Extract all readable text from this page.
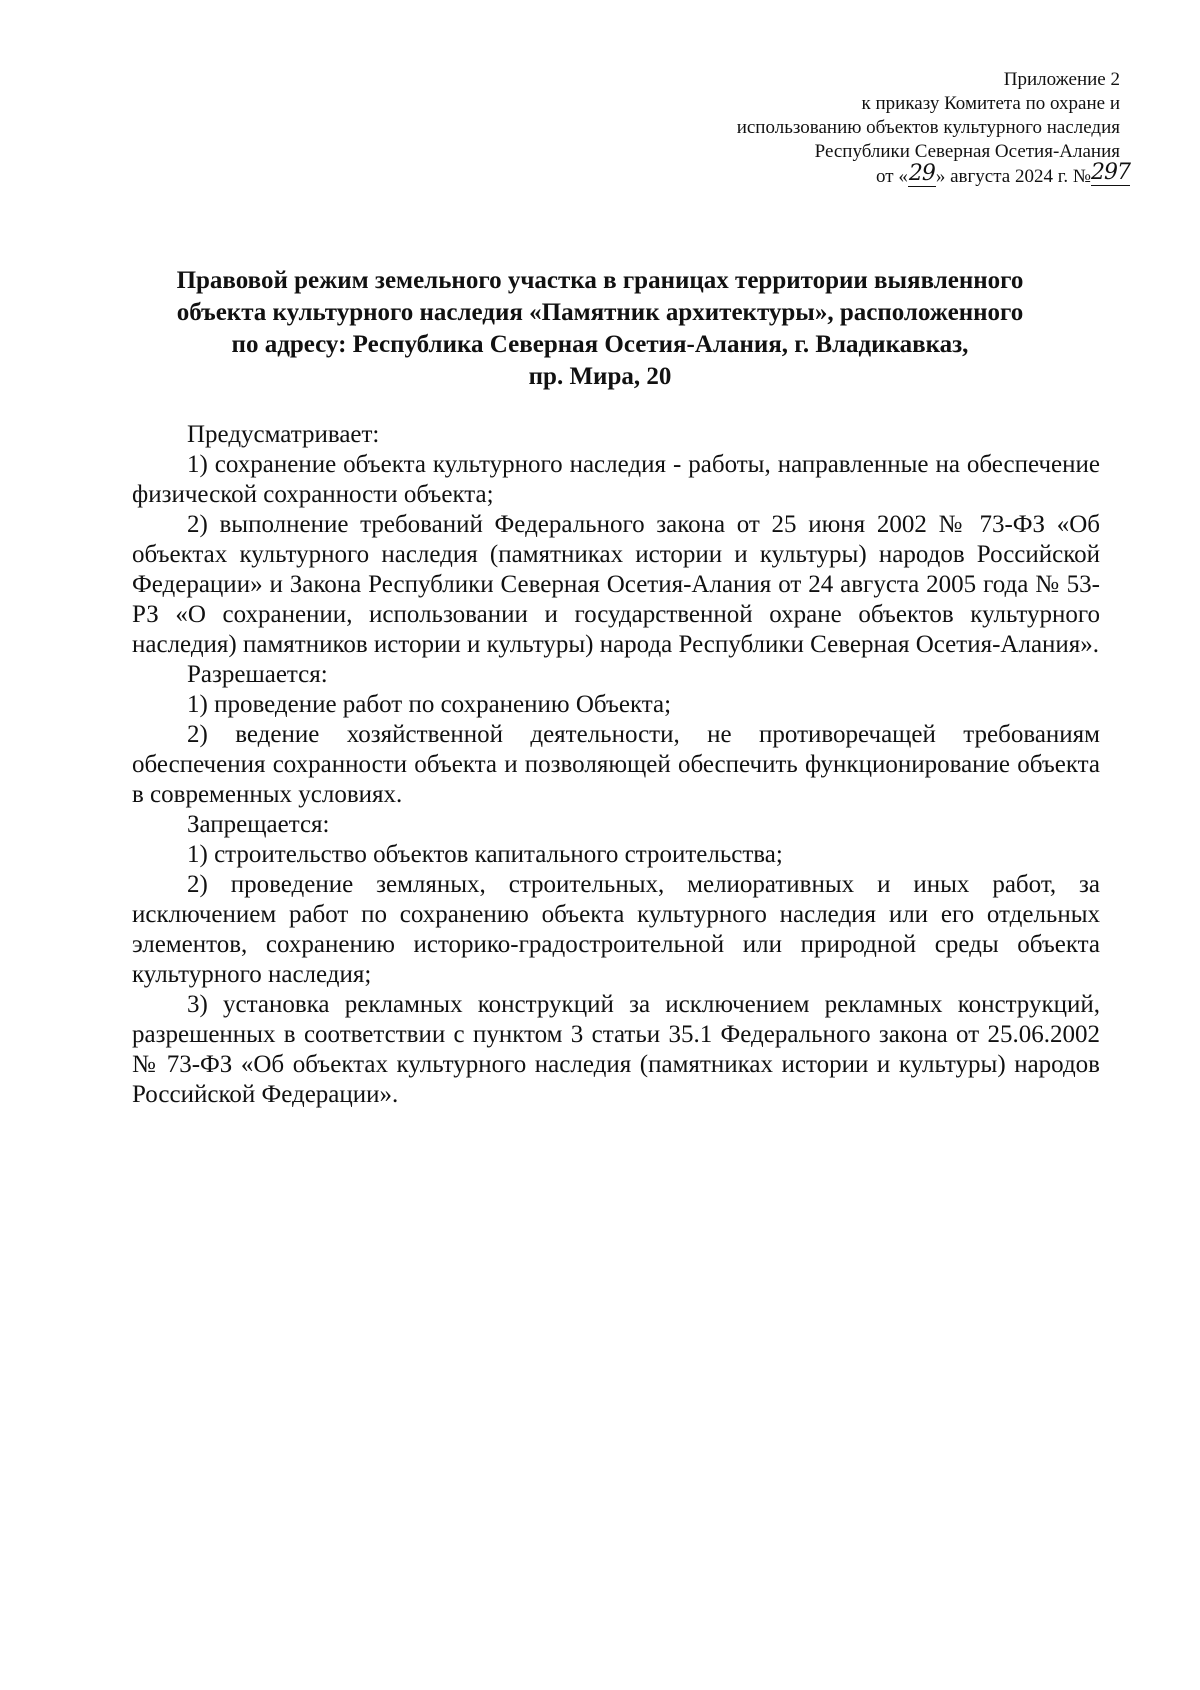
Приложение 2
к приказу Комитета по охране и
использованию объектов культурного наследия
Республики Северная Осетия-Алания
от «29» августа 2024 г. №297
Правовой режим земельного участка в границах территории выявленного
объекта культурного наследия «Памятник архитектуры», расположенного
по адресу: Республика Северная Осетия-Алания, г. Владикавказ,
пр. Мира, 20

Предусматривает:

1) сохранение объекта культурного наследия - работы, направленные на обеспечение физической сохранности объекта;

2) выполнение требований Федерального закона от 25 июня 2002 № 73-ФЗ «Об объектах культурного наследия (памятниках истории и культуры) народов Российской Федерации» и Закона Республики Северная Осетия-Алания от 24 августа 2005 года № 53-РЗ «О сохранении, использовании и государственной охране объектов культурного наследия) памятников истории и культуры) народа Республики Северная Осетия-Алания».

Разрешается:

1) проведение работ по сохранению Объекта;

2) ведение хозяйственной деятельности, не противоречащей требованиям обеспечения сохранности объекта и позволяющей обеспечить функционирование объекта в современных условиях.

Запрещается:

1) строительство объектов капитального строительства;

2) проведение земляных, строительных, мелиоративных и иных работ, за исключением работ по сохранению объекта культурного наследия или его отдельных элементов, сохранению историко-градостроительной или природной среды объекта культурного наследия;

3) установка рекламных конструкций за исключением рекламных конструкций, разрешенных в соответствии с пунктом 3 статьи 35.1 Федерального закона от 25.06.2002 № 73-ФЗ «Об объектах культурного наследия (памятниках истории и культуры) народов Российской Федерации».
